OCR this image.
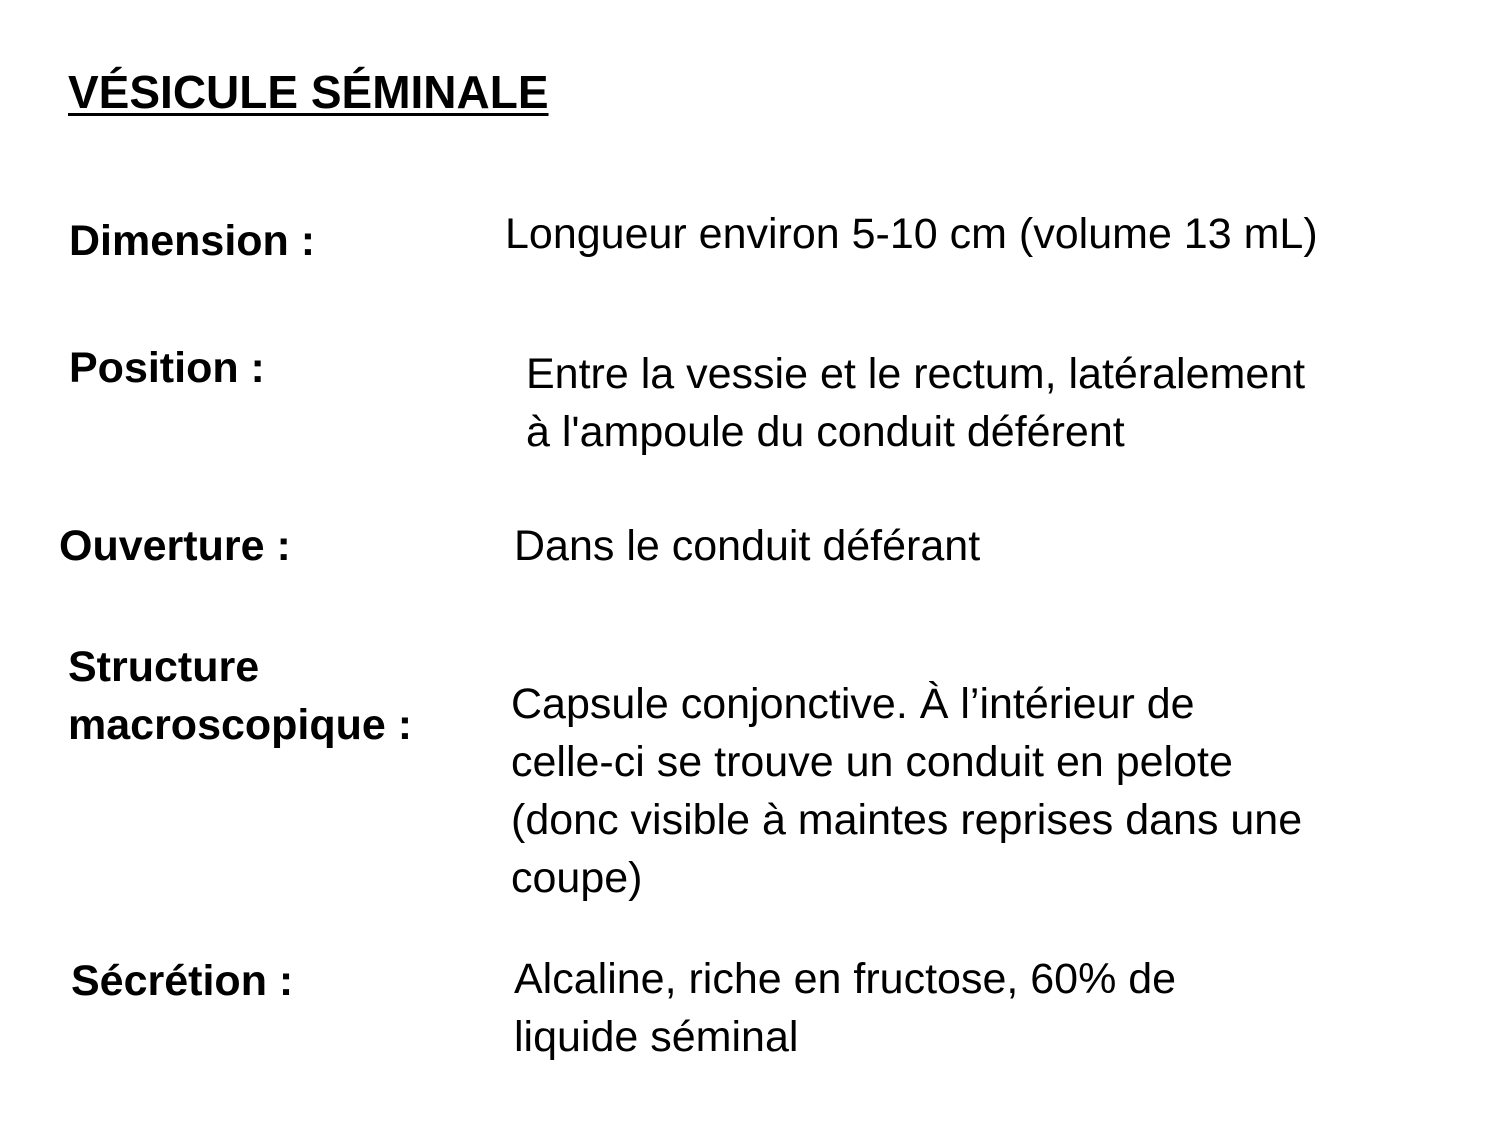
VÉSICULE SÉMINALE
Dimension :	Longueur environ 5-10 cm (volume 13 mL)
Position :	Entre la vessie et le rectum, latéralement
à l'ampoule du conduit déférent
Ouverture :	Dans le conduit déférant
Structure
macroscopique : Capsule conjonctive. À l’intérieur de
celle-ci se trouve un conduit en pelote
(donc visible à maintes reprises dans une
coupe)
Sécrétion :	Alcaline, riche en fructose, 60% de
liquide séminal
